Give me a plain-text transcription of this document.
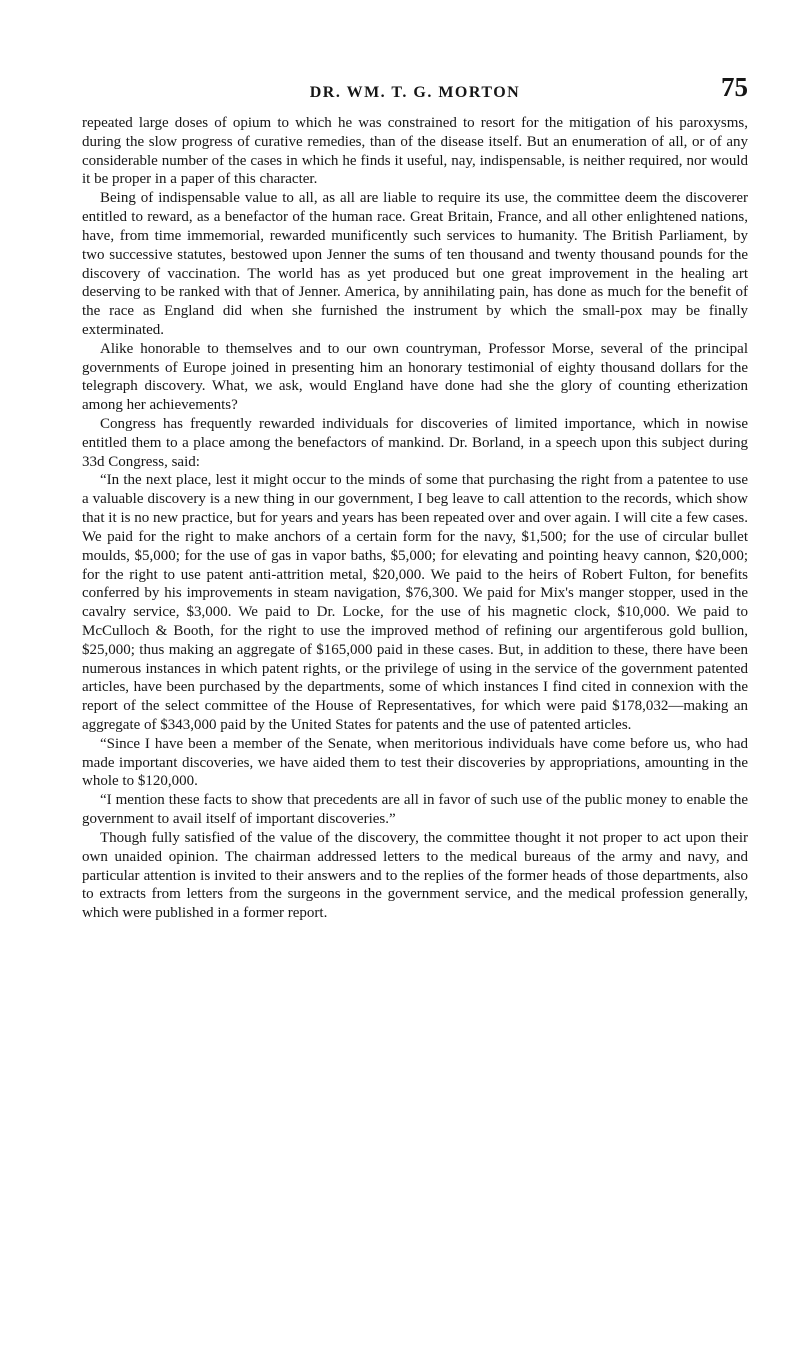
DR. WM. T. G. MORTON	75

repeated large doses of opium to which he was constrained to resort for the mitigation of his paroxysms, during the slow progress of curative remedies, than of the disease itself. But an enumeration of all, or of any considerable number of the cases in which he finds it useful, nay, indispensable, is neither required, nor would it be proper in a paper of this character.

Being of indispensable value to all, as all are liable to require its use, the committee deem the discoverer entitled to reward, as a benefactor of the human race. Great Britain, France, and all other enlightened nations, have, from time immemorial, rewarded munificently such services to humanity. The British Parliament, by two successive statutes, bestowed upon Jenner the sums of ten thousand and twenty thousand pounds for the discovery of vaccination. The world has as yet produced but one great improvement in the healing art deserving to be ranked with that of Jenner. America, by annihilating pain, has done as much for the benefit of the race as England did when she furnished the instrument by which the small-pox may be finally exterminated.

Alike honorable to themselves and to our own countryman, Professor Morse, several of the principal governments of Europe joined in presenting him an honorary testimonial of eighty thousand dollars for the telegraph discovery. What, we ask, would England have done had she the glory of counting etherization among her achievements?

Congress has frequently rewarded individuals for discoveries of limited importance, which in nowise entitled them to a place among the benefactors of mankind. Dr. Borland, in a speech upon this subject during 33d Congress, said:

“In the next place, lest it might occur to the minds of some that purchasing the right from a patentee to use a valuable discovery is a new thing in our government, I beg leave to call attention to the records, which show that it is no new practice, but for years and years has been repeated over and over again. I will cite a few cases. We paid for the right to make anchors of a certain form for the navy, $1,500; for the use of circular bullet moulds, $5,000; for the use of gas in vapor baths, $5,000; for elevating and pointing heavy cannon, $20,000; for the right to use patent anti-attrition metal, $20,000. We paid to the heirs of Robert Fulton, for benefits conferred by his improvements in steam navigation, $76,300. We paid for Mix's manger stopper, used in the cavalry service, $3,000. We paid to Dr. Locke, for the use of his magnetic clock, $10,000. We paid to McCulloch & Booth, for the right to use the improved method of refining our argentiferous gold bullion, $25,000; thus making an aggregate of $165,000 paid in these cases. But, in addition to these, there have been numerous instances in which patent rights, or the privilege of using in the service of the government patented articles, have been purchased by the departments, some of which instances I find cited in connexion with the report of the select committee of the House of Representatives, for which were paid $178,032—making an aggregate of $343,000 paid by the United States for patents and the use of patented articles.

“Since I have been a member of the Senate, when meritorious individuals have come before us, who had made important discoveries, we have aided them to test their discoveries by appropriations, amounting in the whole to $120,000.

“I mention these facts to show that precedents are all in favor of such use of the public money to enable the government to avail itself of important discoveries.”

Though fully satisfied of the value of the discovery, the committee thought it not proper to act upon their own unaided opinion. The chairman addressed letters to the medical bureaus of the army and navy, and particular attention is invited to their answers and to the replies of the former heads of those departments, also to extracts from letters from the surgeons in the government service, and the medical profession generally, which were published in a former report.
